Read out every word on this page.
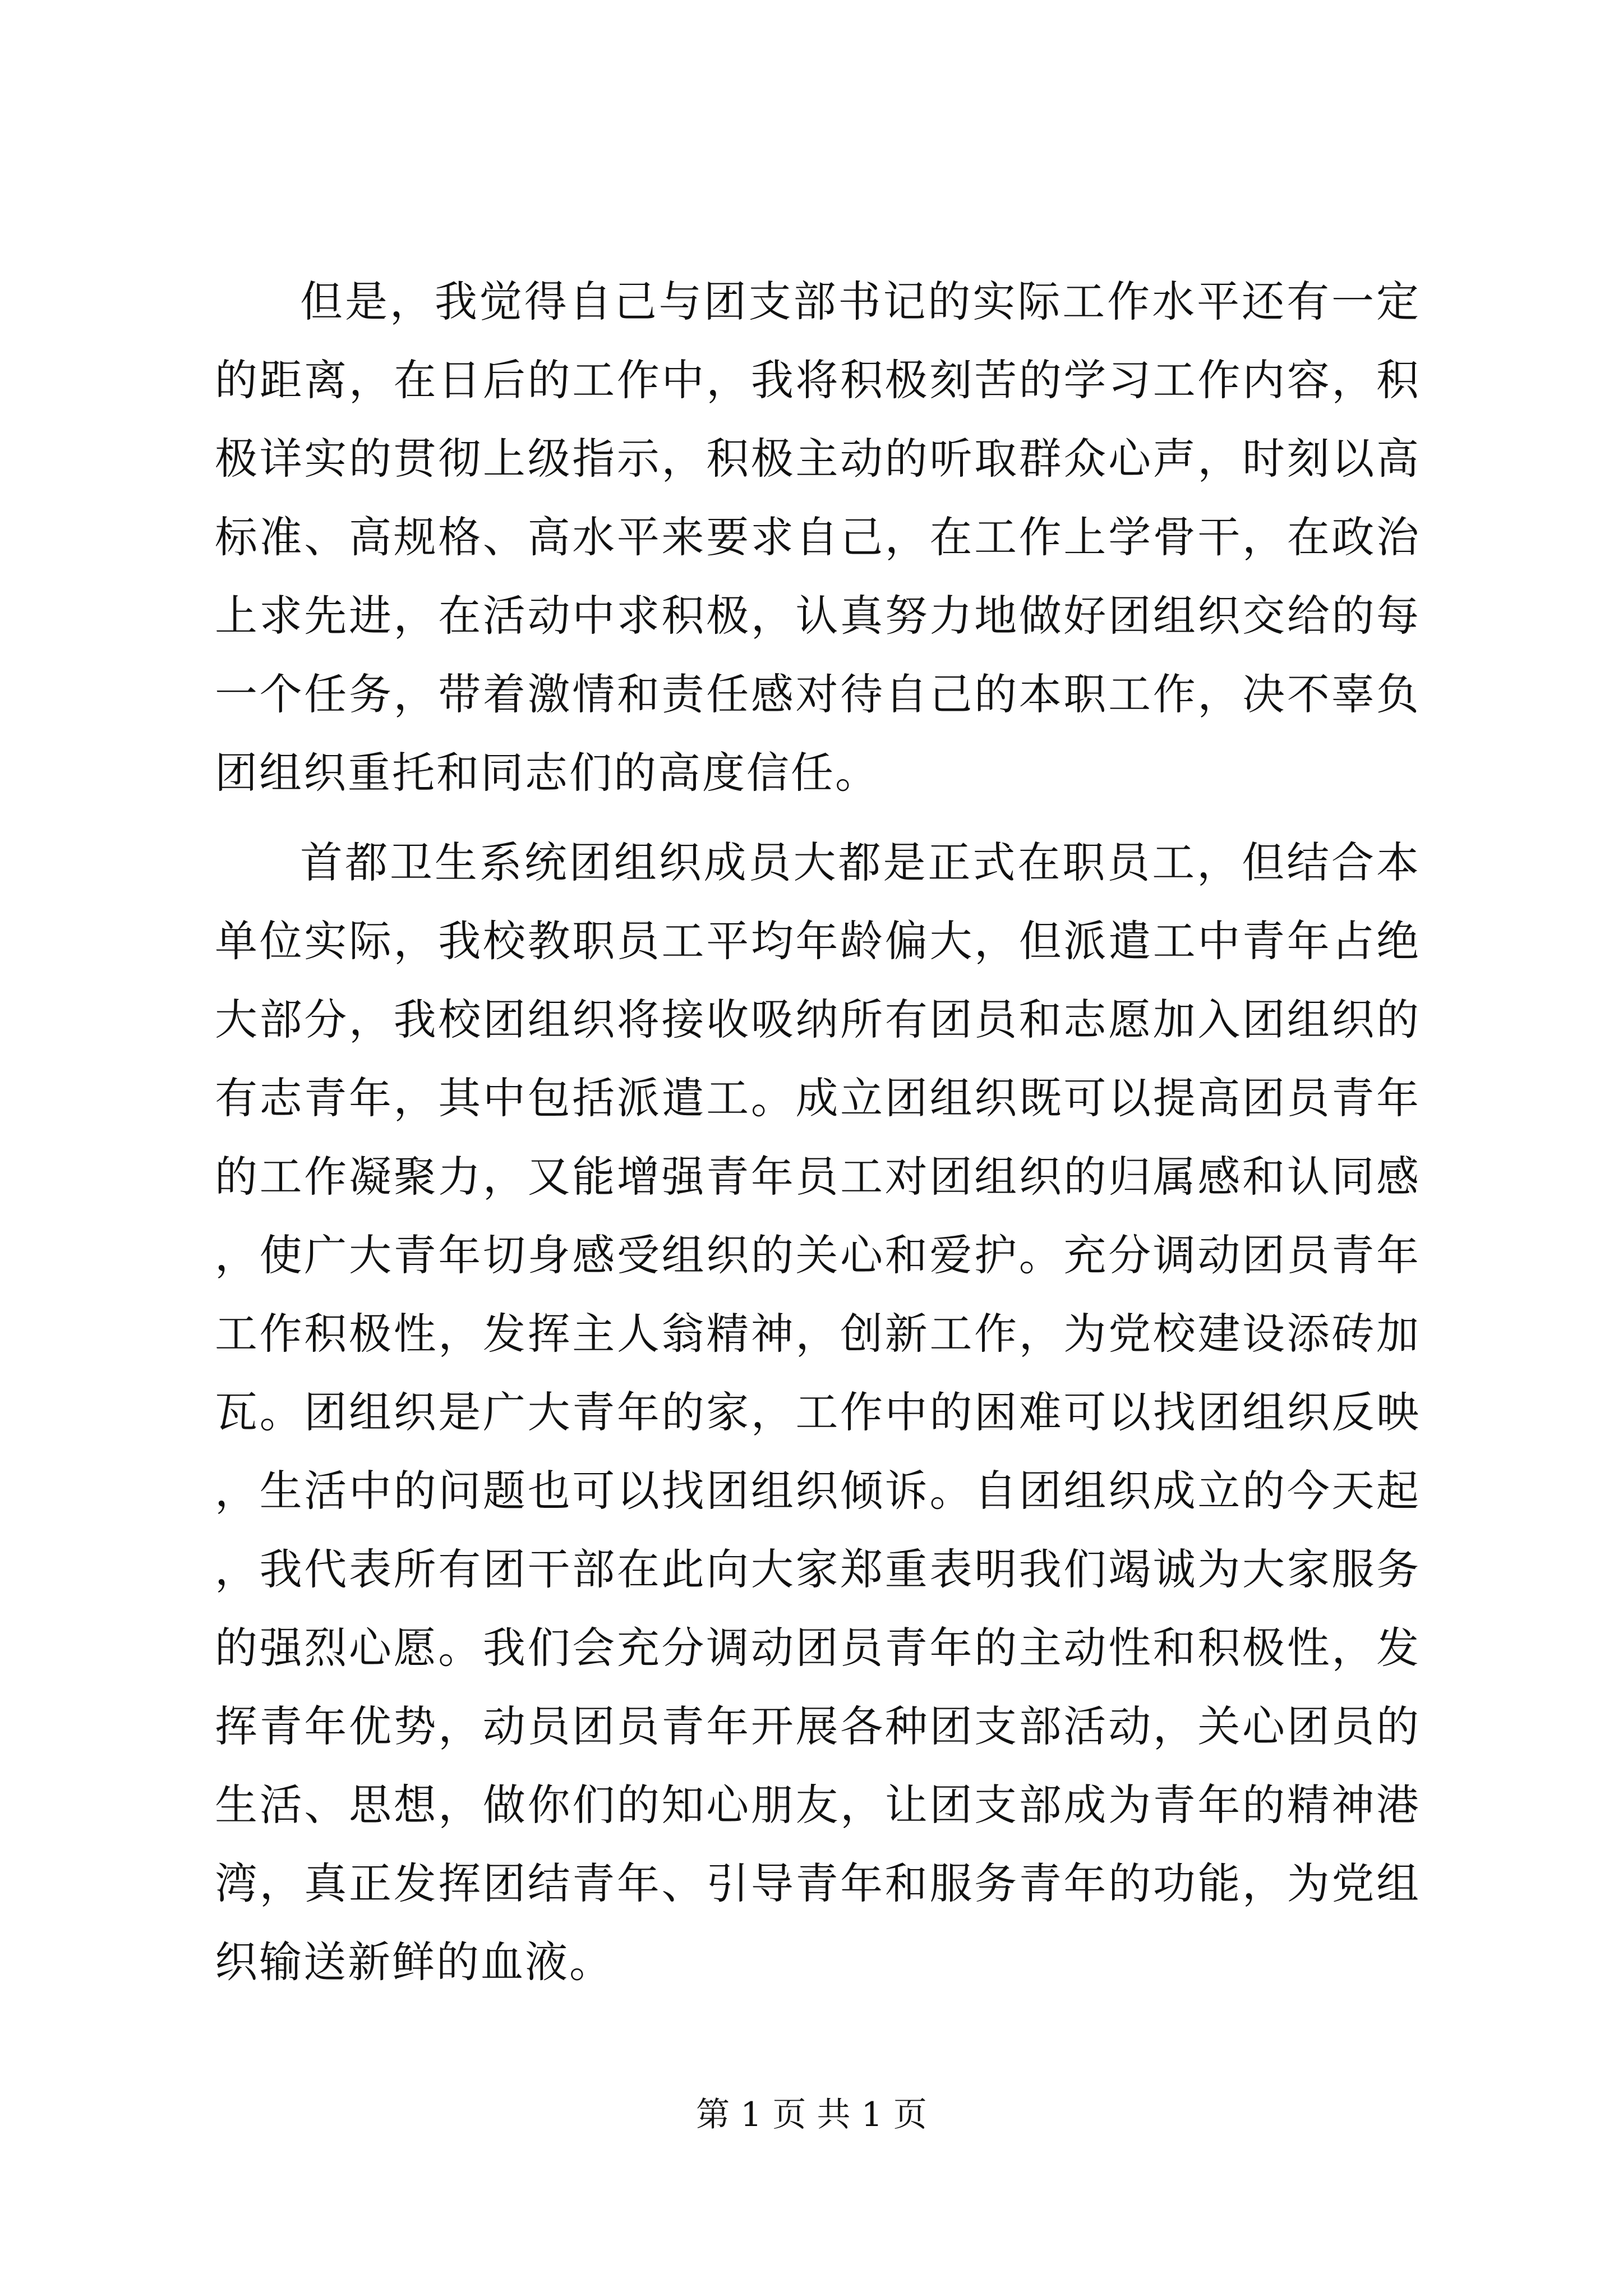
但是，我觉得自己与团支部书记的实际工作水平还有一定的距离，在日后的工作中，我将积极刻苦的学习工作内容，积极详实的贯彻上级指示，积极主动的听取群众心声，时刻以高标准、高规格、高水平来要求自己，在工作上学骨干，在政治上求先进，在活动中求积极，认真努力地做好团组织交给的每一个任务，带着激情和责任感对待自己的本职工作，决不辜负团组织重托和同志们的高度信任。

首都卫生系统团组织成员大都是正式在职员工，但结合本单位实际，我校教职员工平均年龄偏大，但派遣工中青年占绝大部分，我校团组织将接收吸纳所有团员和志愿加入团组织的有志青年，其中包括派遣工。成立团组织既可以提高团员青年的工作凝聚力，又能增强青年员工对团组织的归属感和认同感，使广大青年切身感受组织的关心和爱护。充分调动团员青年工作积极性，发挥主人翁精神，创新工作，为党校建设添砖加瓦。团组织是广大青年的家，工作中的困难可以找团组织反映，生活中的问题也可以找团组织倾诉。自团组织成立的今天起，我代表所有团干部在此向大家郑重表明我们竭诚为大家服务的强烈心愿。我们会充分调动团员青年的主动性和积极性，发挥青年优势，动员团员青年开展各种团支部活动，关心团员的生活、思想，做你们的知心朋友，让团支部成为青年的精神港湾，真正发挥团结青年、引导青年和服务青年的功能，为党组织输送新鲜的血液。

第 1 页 共 1 页
